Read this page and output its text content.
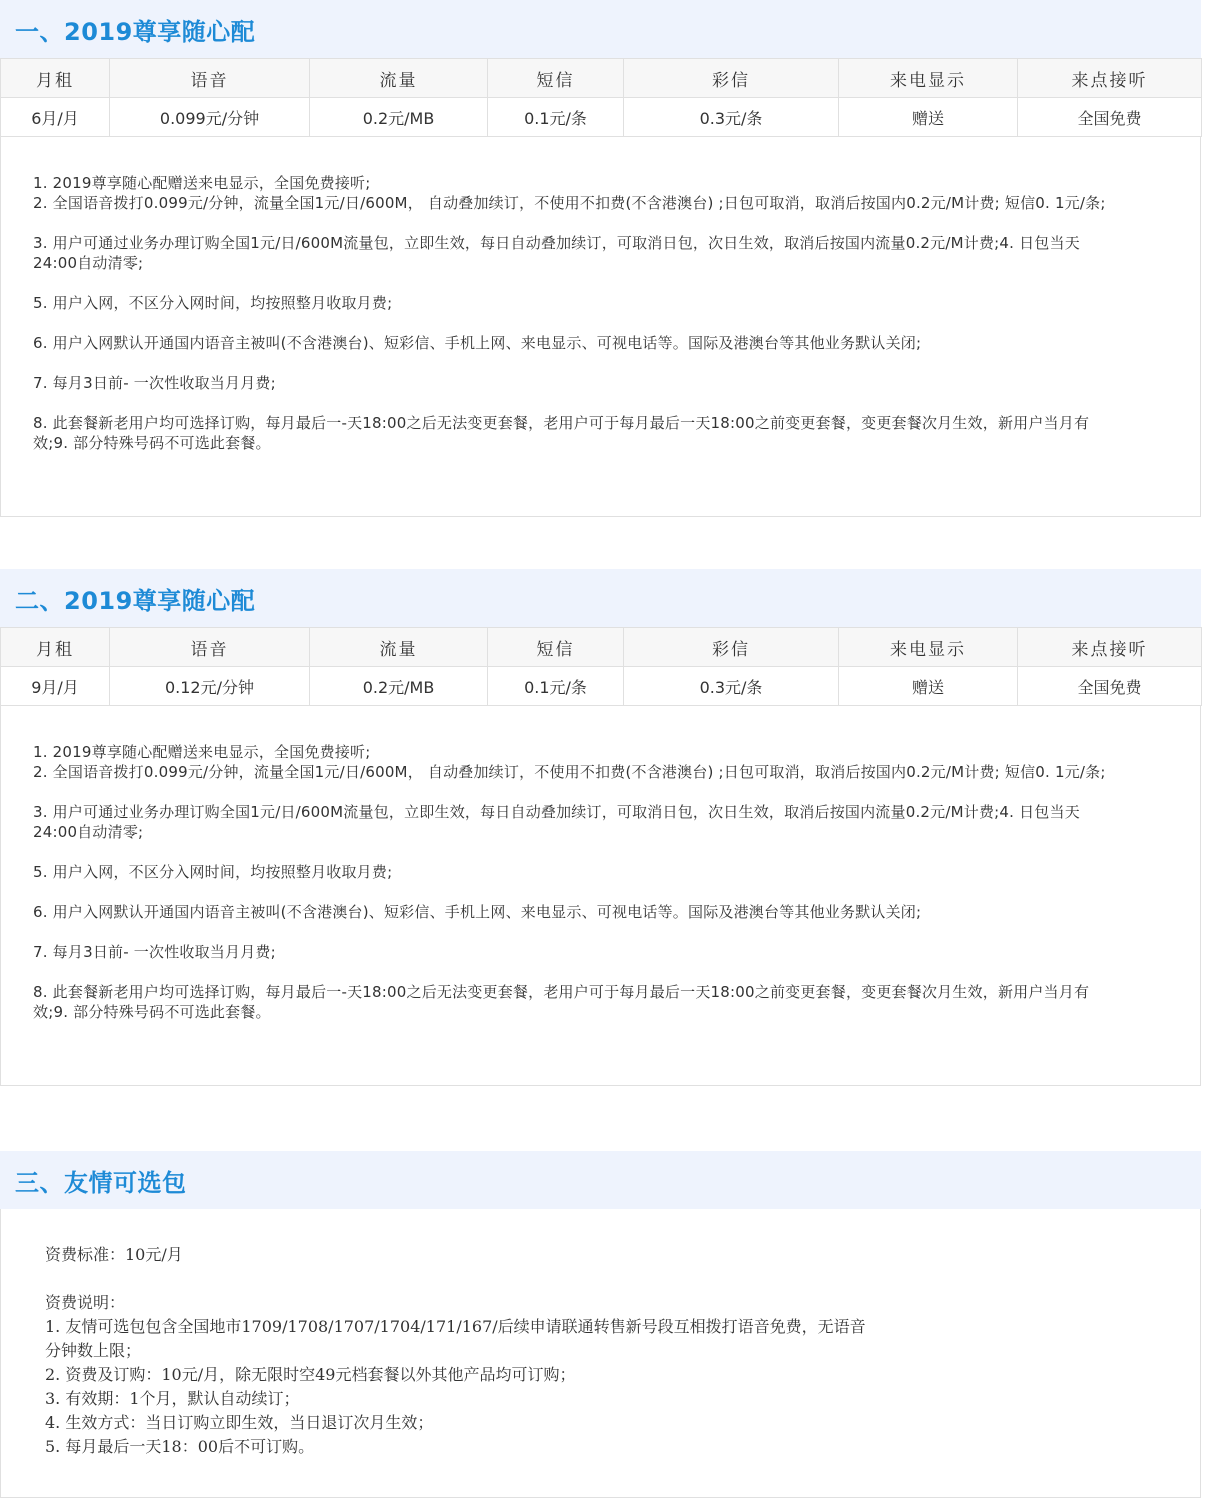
一、2019尊享随心配
月租	语音	流量	短信	彩信	来电显示	来点接听
6月/月	0.099元/分钟	0.2元/MB	0.1元/条	0.3元/条	赠送	全国免费

1. 2019尊享随心配赠送来电显示，全国免费接听;

2. 全国语音拨打0.099元/分钟，流量全国1元/日/600M， 自动叠加续订，不使用不扣费(不含港澳台) ;日包可取消，取消后按国内0.2元/M计费; 短信0. 1元/条;

3. 用户可通过业务办理订购全国1元/日/600M流量包，立即生效，每日自动叠加续订，可取消日包，次日生效，取消后按国内流量0.2元/M计费;4. 日包当天24:00自动清零;

5. 用户入网，不区分入网时间，均按照整月收取月费;

6. 用户入网默认开通国内语音主被叫(不含港澳台)、短彩信、手机上网、来电显示、可视电话等。国际及港澳台等其他业务默认关闭;

7. 每月3日前- 一次性收取当月月费;

8. 此套餐新老用户均可选择订购，每月最后一-天18:00之后无法变更套餐，老用户可于每月最后一天18:00之前变更套餐，变更套餐次月生效，新用户当月有效;9. 部分特殊号码不可选此套餐。

二、2019尊享随心配
月租	语音	流量	短信	彩信	来电显示	来点接听
9月/月	0.12元/分钟	0.2元/MB	0.1元/条	0.3元/条	赠送	全国免费

1. 2019尊享随心配赠送来电显示，全国免费接听;

2. 全国语音拨打0.099元/分钟，流量全国1元/日/600M， 自动叠加续订，不使用不扣费(不含港澳台) ;日包可取消，取消后按国内0.2元/M计费; 短信0. 1元/条;

3. 用户可通过业务办理订购全国1元/日/600M流量包，立即生效，每日自动叠加续订，可取消日包，次日生效，取消后按国内流量0.2元/M计费;4. 日包当天24:00自动清零;

5. 用户入网，不区分入网时间，均按照整月收取月费;

6. 用户入网默认开通国内语音主被叫(不含港澳台)、短彩信、手机上网、来电显示、可视电话等。国际及港澳台等其他业务默认关闭;

7. 每月3日前- 一次性收取当月月费;

8. 此套餐新老用户均可选择订购，每月最后一-天18:00之后无法变更套餐，老用户可于每月最后一天18:00之前变更套餐，变更套餐次月生效，新用户当月有效;9. 部分特殊号码不可选此套餐。

三、友情可选包
资费标准：10元/月
资费说明：
1. 友情可选包包含全国地市1709/1708/1707/1704/171/167/后续申请联通转售新号段互相拨打语音免费，无语音
分钟数上限；
2. 资费及订购：10元/月，除无限时空49元档套餐以外其他产品均可订购；
3. 有效期：1个月，默认自动续订；
4. 生效方式：当日订购立即生效，当日退订次月生效；
5. 每月最后一天18：00后不可订购。
